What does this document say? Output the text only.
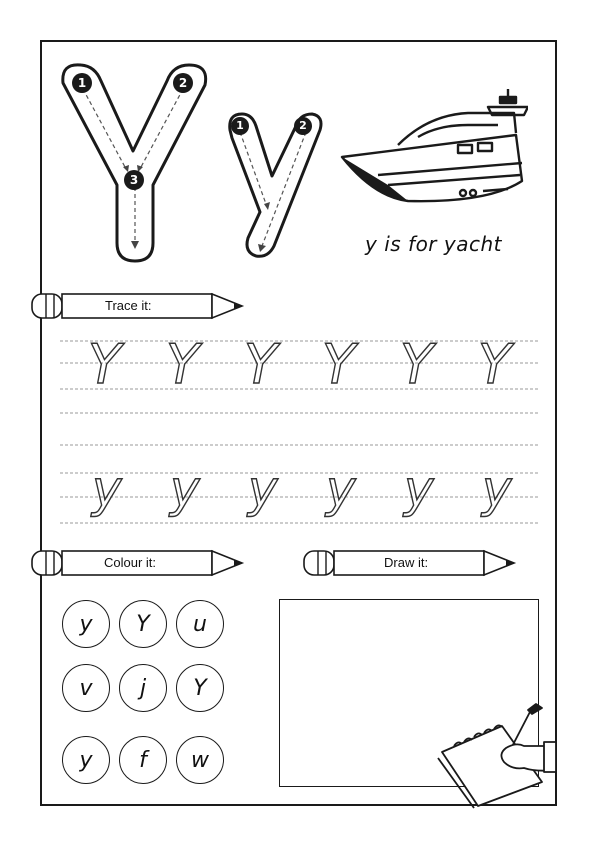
1	2
3
1	2
y is for yacht
Trace it:
Y Y Y Y Y Y
y y y y y y
Colour it:	Draw it:
y	Y	u
v	j	Y
y	f	w
